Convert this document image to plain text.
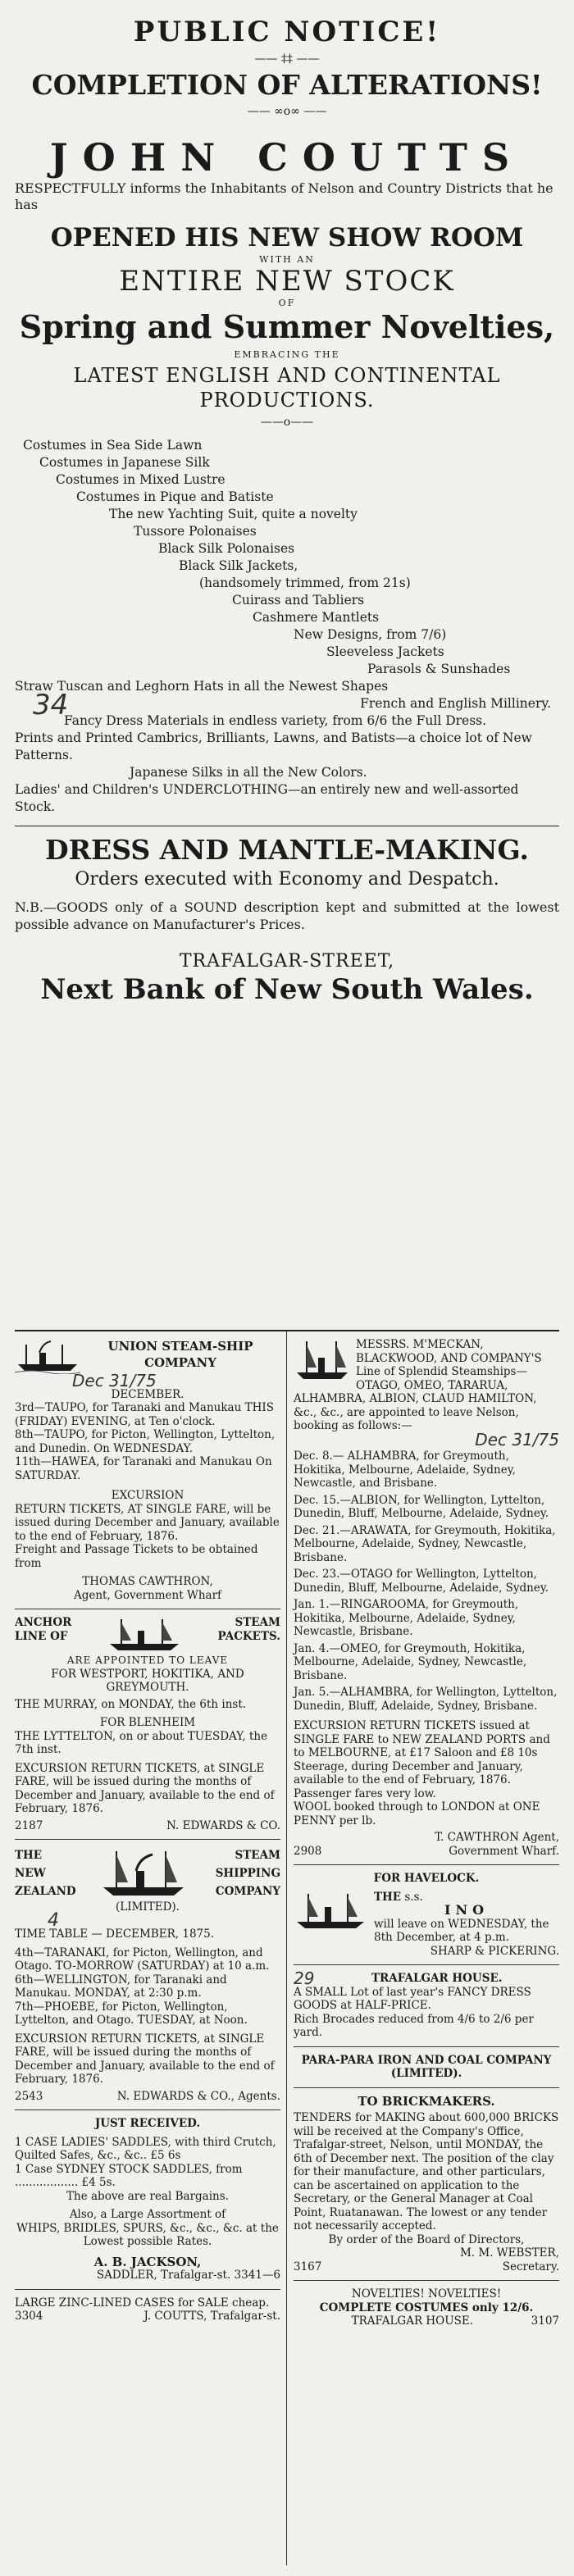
PUBLIC NOTICE!
—— ‡‡ ——
COMPLETION OF ALTERATIONS!
—— ∞o∞ ——
JOHN COUTTS
RESPECTFULLY informs the Inhabitants of Nelson and Country Districts that he has
OPENED HIS NEW SHOW ROOM
WITH AN
ENTIRE NEW STOCK
OF
Spring and Summer Novelties,
EMBRACING THE
LATEST ENGLISH AND CONTINENTAL PRODUCTIONS.
——o——
Costumes in Sea Side Lawn
Costumes in Japanese Silk
Costumes in Mixed Lustre
Costumes in Pique and Batiste
The new Yachting Suit, quite a novelty
Tussore Polonaises
Black Silk Polonaises
Black Silk Jackets,
(handsomely trimmed, from 21s)
Cuirass and Tabliers
Cashmere Mantlets
New Designs, from 7/6)
Sleeveless Jackets
Parasols & Sunshades
Straw Tuscan and Leghorn Hats in all the Newest Shapes
French and English Millinery.
Fancy Dress Materials in endless variety, from 6/6 the Full Dress.
Prints and Printed Cambrics, Brilliants, Lawns, and Batists—a choice lot of New Patterns.
Japanese Silks in all the New Colors.
Ladies' and Children's UNDERCLOTHING—an entirely new and well-assorted Stock.
34
DRESS AND MANTLE-MAKING.
Orders executed with Economy and Despatch.
N.B.—GOODS only of a SOUND description kept and submitted at the lowest possible advance on Manufacturer's Prices.
TRAFALGAR-STREET,
Next Bank of New South Wales.
UNION STEAM-SHIP COMPANY
Dec 31/75
DECEMBER.
3rd—TAUPO, for Taranaki and Manukau THIS (FRIDAY) EVENING, at Ten o'clock.
8th—TAUPO, for Picton, Wellington, Lyttelton, and Dunedin. On WEDNESDAY.
11th—HAWEA, for Taranaki and Manukau On SATURDAY.
EXCURSION
RETURN TICKETS, AT SINGLE FARE, will be issued during December and January, available to the end of February, 1876.
Freight and Passage Tickets to be obtained from
THOMAS CAWTHRON,
Agent, Government Wharf
ANCHOR
LINE OF
STEAM
PACKETS.
ARE APPOINTED TO LEAVE
FOR WESTPORT, HOKITIKA, AND GREYMOUTH.
THE MURRAY, on MONDAY, the 6th inst.
FOR BLENHEIM
THE LYTTELTON, on or about TUESDAY, the 7th inst.
EXCURSION RETURN TICKETS, at SINGLE FARE, will be issued during the months of December and January, available to the end of February, 1876.
2187	N. EDWARDS & CO.
THE
NEW
ZEALAND
STEAM
SHIPPING
COMPANY
(LIMITED).
4
TIME TABLE — DECEMBER, 1875.
4th—TARANAKI, for Picton, Wellington, and Otago. TO-MORROW (SATURDAY) at 10 a.m.
6th—WELLINGTON, for Taranaki and Manukau. MONDAY, at 2:30 p.m.
7th—PHOEBE, for Picton, Wellington, Lyttelton, and Otago. TUESDAY, at Noon.
EXCURSION RETURN TICKETS, at SINGLE FARE, will be issued during the months of December and January, available to the end of February, 1876.
2543	N. EDWARDS & CO., Agents.
JUST RECEIVED.
1 CASE LADIES' SADDLES, with third Crutch, Quilted Safes, &c., &c.. £5 6s
1 Case SYDNEY STOCK SADDLES, from .................. £4 5s.
The above are real Bargains.
Also, a Large Assortment of
WHIPS, BRIDLES, SPURS, &c., &c., &c. at the Lowest possible Rates.
A. B. JACKSON,
SADDLER, Trafalgar-st. 3341—6
LARGE ZINC-LINED CASES for SALE cheap.
3304	J. COUTTS, Trafalgar-st.
MESSRS. M'MECKAN, BLACKWOOD, AND COMPANY'S Line of Splendid Steamships—OTAGO, OMEO, TARARUA, ALHAMBRA, ALBION, CLAUD HAMILTON, &c., &c., are appointed to leave Nelson, booking as follows:—
Dec 31/75
Dec. 8.— ALHAMBRA, for Greymouth, Hokitika, Melbourne, Adelaide, Sydney, Newcastle, and Brisbane.
Dec. 15.—ALBION, for Wellington, Lyttelton, Dunedin, Bluff, Melbourne, Adelaide, Sydney.
Dec. 21.—ARAWATA, for Greymouth, Hokitika, Melbourne, Adelaide, Sydney, Newcastle, Brisbane.
Dec. 23.—OTAGO for Wellington, Lyttelton, Dunedin, Bluff, Melbourne, Adelaide, Sydney.
Jan. 1.—RINGAROOMA, for Greymouth, Hokitika, Melbourne, Adelaide, Sydney, Newcastle, Brisbane.
Jan. 4.—OMEO, for Greymouth, Hokitika, Melbourne, Adelaide, Sydney, Newcastle, Brisbane.
Jan. 5.—ALHAMBRA, for Wellington, Lyttelton, Dunedin, Bluff, Adelaide, Sydney, Brisbane.
EXCURSION RETURN TICKETS issued at SINGLE FARE to NEW ZEALAND PORTS and to MELBOURNE, at £17 Saloon and £8 10s Steerage, during December and January, available to the end of February, 1876.
Passenger fares very low.
WOOL booked through to LONDON at ONE PENNY per lb.
T. CAWTHRON Agent,
2908	Government Wharf.
FOR HAVELOCK.
THE s.s.
INO
will leave on WEDNESDAY, the 8th December, at 4 p.m.
SHARP & PICKERING.
29	TRAFALGAR HOUSE.
A SMALL Lot of last year's FANCY DRESS GOODS at HALF-PRICE.
Rich Brocades reduced from 4/6 to 2/6 per yard.
PARA-PARA IRON AND COAL COMPANY (LIMITED).
TO BRICKMAKERS.
TENDERS for MAKING about 600,000 BRICKS will be received at the Company's Office, Trafalgar-street, Nelson, until MONDAY, the 6th of December next. The position of the clay for their manufacture, and other particulars, can be ascertained on application to the Secretary, or the General Manager at Coal Point, Ruatanawan. The lowest or any tender not necessarily accepted.
By order of the Board of Directors,
M. M. WEBSTER,
3167	Secretary.
NOVELTIES! NOVELTIES!
COMPLETE COSTUMES only 12/6.
TRAFALGAR HOUSE.	3107
